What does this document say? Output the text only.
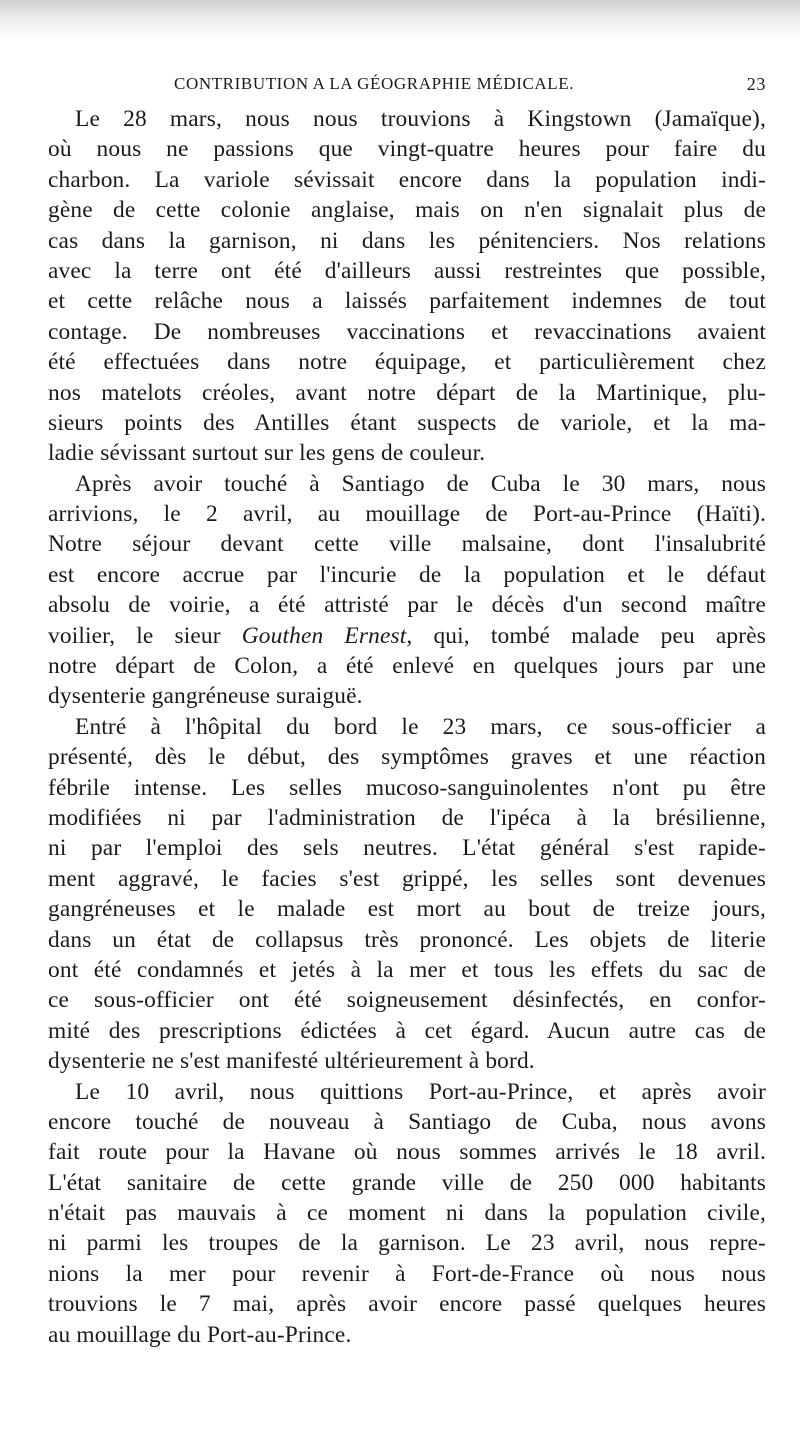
CONTRIBUTION A LA GÉOGRAPHIE MÉDICALE.	23
Le 28 mars, nous nous trouvions à Kingstown (Jamaïque),
où nous ne passions que vingt-quatre heures pour faire du
charbon. La variole sévissait encore dans la population indi-
gène de cette colonie anglaise, mais on n'en signalait plus de
cas dans la garnison, ni dans les pénitenciers. Nos relations
avec la terre ont été d'ailleurs aussi restreintes que possible,
et cette relâche nous a laissés parfaitement indemnes de tout
contage. De nombreuses vaccinations et revaccinations avaient
été effectuées dans notre équipage, et particulièrement chez
nos matelots créoles, avant notre départ de la Martinique, plu-
sieurs points des Antilles étant suspects de variole, et la ma-
ladie sévissant surtout sur les gens de couleur.
Après avoir touché à Santiago de Cuba le 30 mars, nous
arrivions, le 2 avril, au mouillage de Port-au-Prince (Haïti).
Notre séjour devant cette ville malsaine, dont l'insalubrité
est encore accrue par l'incurie de la population et le défaut
absolu de voirie, a été attristé par le décès d'un second maître
voilier, le sieur Gouthen Ernest, qui, tombé malade peu après
notre départ de Colon, a été enlevé en quelques jours par une
dysenterie gangréneuse suraiguë.
Entré à l'hôpital du bord le 23 mars, ce sous-officier a
présenté, dès le début, des symptômes graves et une réaction
fébrile intense. Les selles mucoso-sanguinolentes n'ont pu être
modifiées ni par l'administration de l'ipéca à la brésilienne,
ni par l'emploi des sels neutres. L'état général s'est rapide-
ment aggravé, le facies s'est grippé, les selles sont devenues
gangréneuses et le malade est mort au bout de treize jours,
dans un état de collapsus très prononcé. Les objets de literie
ont été condamnés et jetés à la mer et tous les effets du sac de
ce sous-officier ont été soigneusement désinfectés, en confor-
mité des prescriptions édictées à cet égard. Aucun autre cas de
dysenterie ne s'est manifesté ultérieurement à bord.
Le 10 avril, nous quittions Port-au-Prince, et après avoir
encore touché de nouveau à Santiago de Cuba, nous avons
fait route pour la Havane où nous sommes arrivés le 18 avril.
L'état sanitaire de cette grande ville de 250 000 habitants
n'était pas mauvais à ce moment ni dans la population civile,
ni parmi les troupes de la garnison. Le 23 avril, nous repre-
nions la mer pour revenir à Fort-de-France où nous nous
trouvions le 7 mai, après avoir encore passé quelques heures
au mouillage du Port-au-Prince.
